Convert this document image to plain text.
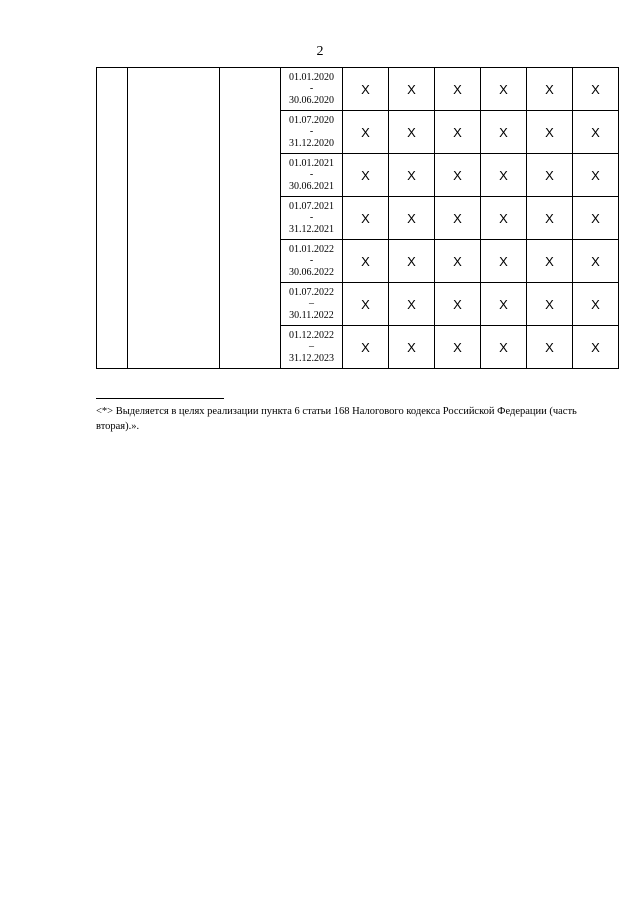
2

			01.01.2020
-
30.06.2020	Х	Х	Х	Х	Х	Х

			01.07.2020
-
31.12.2020	Х	Х	Х	Х	Х	Х

			01.01.2021
-
30.06.2021	Х	Х	Х	Х	Х	Х

			01.07.2021
-
31.12.2021	Х	Х	Х	Х	Х	Х

			01.01.2022
-
30.06.2022	Х	Х	Х	Х	Х	Х

			01.07.2022
–
30.11.2022	Х	Х	Х	Х	Х	Х

			01.12.2022
–
31.12.2023	Х	Х	Х	Х	Х	Х
<*> Выделяется в целях реализации пункта 6 статьи 168 Налогового кодекса Российской Федерации (часть вторая).».
